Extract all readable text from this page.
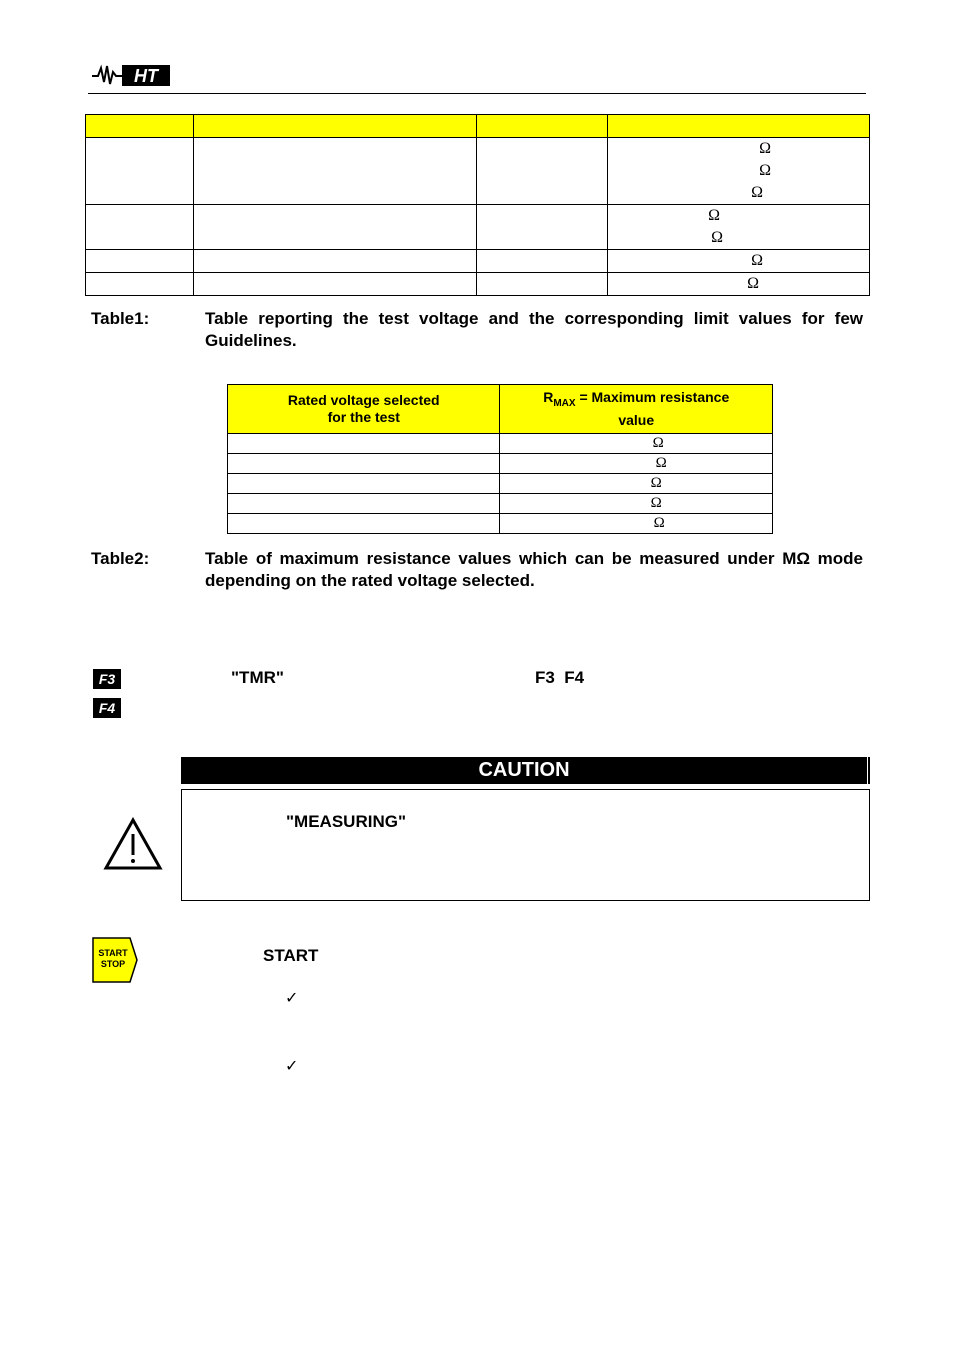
HT

			Ω
Ω
Ω

			Ω
Ω

			Ω

			Ω
Table1:	Table reporting the test voltage and the corresponding limit values for few Guidelines.
Rated voltage selected
for the test	$R_{MAX}$ = Maximum resistance
value
	Ω
	Ω
	Ω
	Ω
	Ω
Table2:	Table of maximum resistance values which can be measured under MΩ mode depending on the rated voltage selected.
F3
F4
"TMR"	F3  F4
CAUTION
"MEASURING"
START
STOP	START
✓
✓
